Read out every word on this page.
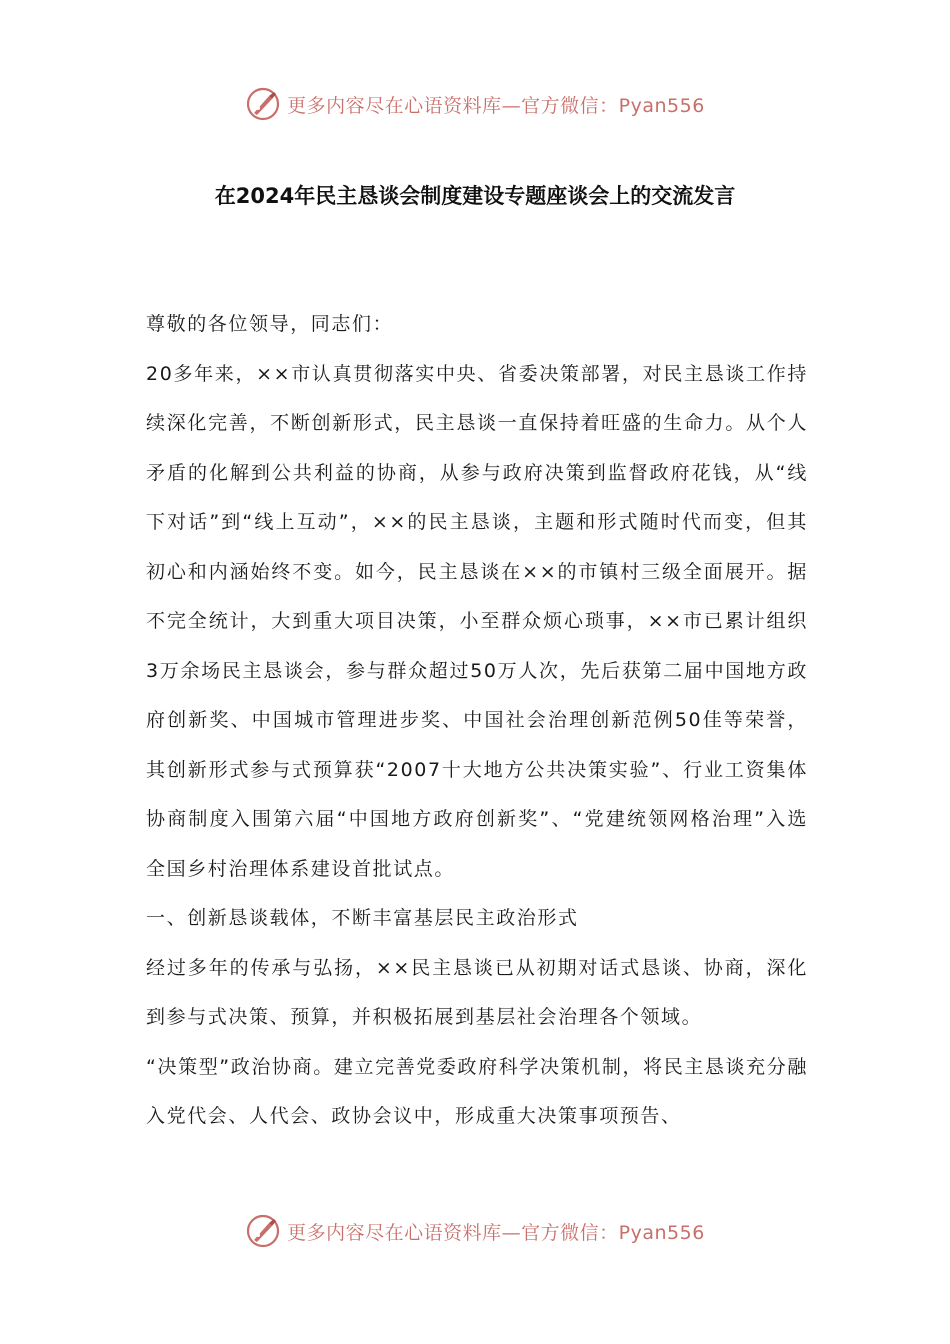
更多内容尽在心语资料库—官方微信：Pyan556
在2024年民主恳谈会制度建设专题座谈会上的交流发言

尊敬的各位领导，同志们：

20多年来，××市认真贯彻落实中央、省委决策部署，对民主恳谈工作持续深化完善，不断创新形式，民主恳谈一直保持着旺盛的生命力。从个人矛盾的化解到公共利益的协商，从参与政府决策到监督政府花钱，从“线下对话”到“线上互动”，××的民主恳谈，主题和形式随时代而变，但其初心和内涵始终不变。如今，民主恳谈在××的市镇村三级全面展开。据不完全统计，大到重大项目决策，小至群众烦心琐事，××市已累计组织3万余场民主恳谈会，参与群众超过50万人次，先后获第二届中国地方政府创新奖、中国城市管理进步奖、中国社会治理创新范例50佳等荣誉，其创新形式参与式预算获“2007十大地方公共决策实验”、行业工资集体协商制度入围第六届“中国地方政府创新奖”、“党建统领网格治理”入选全国乡村治理体系建设首批试点。

一、创新恳谈载体，不断丰富基层民主政治形式

经过多年的传承与弘扬，××民主恳谈已从初期对话式恳谈、协商，深化到参与式决策、预算，并积极拓展到基层社会治理各个领域。

“决策型”政治协商。建立完善党委政府科学决策机制，将民主恳谈充分融入党代会、人代会、政协会议中，形成重大决策事项预告、

更多内容尽在心语资料库—官方微信：Pyan556
